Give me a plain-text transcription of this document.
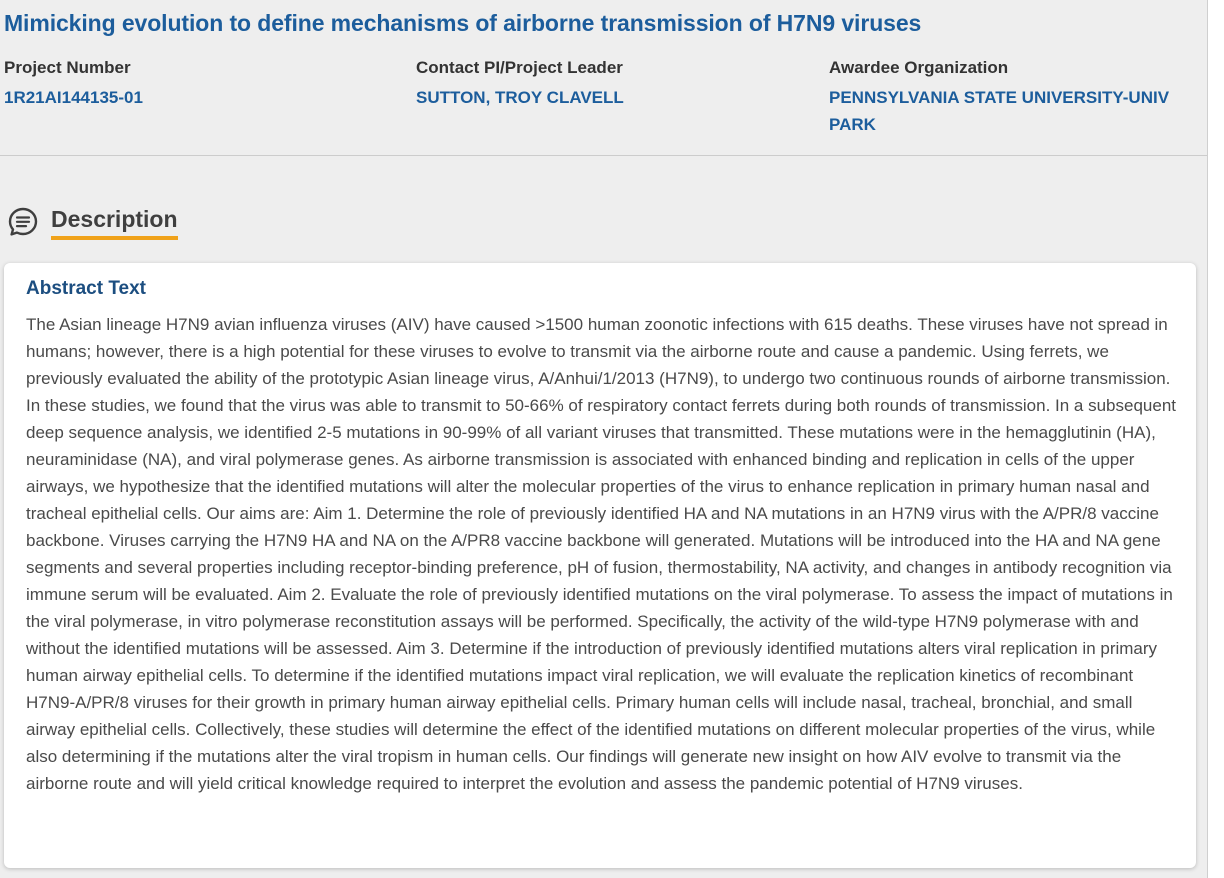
Mimicking evolution to define mechanisms of airborne transmission of H7N9 viruses
Project Number
1R21AI144135-01
Contact PI/Project Leader
SUTTON, TROY CLAVELL
Awardee Organization
PENNSYLVANIA STATE UNIVERSITY-UNIV PARK
Description
Abstract Text

The Asian lineage H7N9 avian influenza viruses (AIV) have caused >1500 human zoonotic infections with 615 deaths. These viruses have not spread in humans; however, there is a high potential for these viruses to evolve to transmit via the airborne route and cause a pandemic. Using ferrets, we previously evaluated the ability of the prototypic Asian lineage virus, A/Anhui/1/2013 (H7N9), to undergo two continuous rounds of airborne transmission. In these studies, we found that the virus was able to transmit to 50-66% of respiratory contact ferrets during both rounds of transmission. In a subsequent deep sequence analysis, we identified 2-5 mutations in 90-99% of all variant viruses that transmitted. These mutations were in the hemagglutinin (HA), neuraminidase (NA), and viral polymerase genes. As airborne transmission is associated with enhanced binding and replication in cells of the upper airways, we hypothesize that the identified mutations will alter the molecular properties of the virus to enhance replication in primary human nasal and tracheal epithelial cells. Our aims are: Aim 1. Determine the role of previously identified HA and NA mutations in an H7N9 virus with the A/PR/8 vaccine backbone. Viruses carrying the H7N9 HA and NA on the A/PR8 vaccine backbone will generated. Mutations will be introduced into the HA and NA gene segments and several properties including receptor-binding preference, pH of fusion, thermostability, NA activity, and changes in antibody recognition via immune serum will be evaluated. Aim 2. Evaluate the role of previously identified mutations on the viral polymerase. To assess the impact of mutations in the viral polymerase, in vitro polymerase reconstitution assays will be performed. Specifically, the activity of the wild-type H7N9 polymerase with and without the identified mutations will be assessed. Aim 3. Determine if the introduction of previously identified mutations alters viral replication in primary human airway epithelial cells. To determine if the identified mutations impact viral replication, we will evaluate the replication kinetics of recombinant H7N9-A/PR/8 viruses for their growth in primary human airway epithelial cells. Primary human cells will include nasal, tracheal, bronchial, and small airway epithelial cells. Collectively, these studies will determine the effect of the identified mutations on different molecular properties of the virus, while also determining if the mutations alter the viral tropism in human cells. Our findings will generate new insight on how AIV evolve to transmit via the airborne route and will yield critical knowledge required to interpret the evolution and assess the pandemic potential of H7N9 viruses.
